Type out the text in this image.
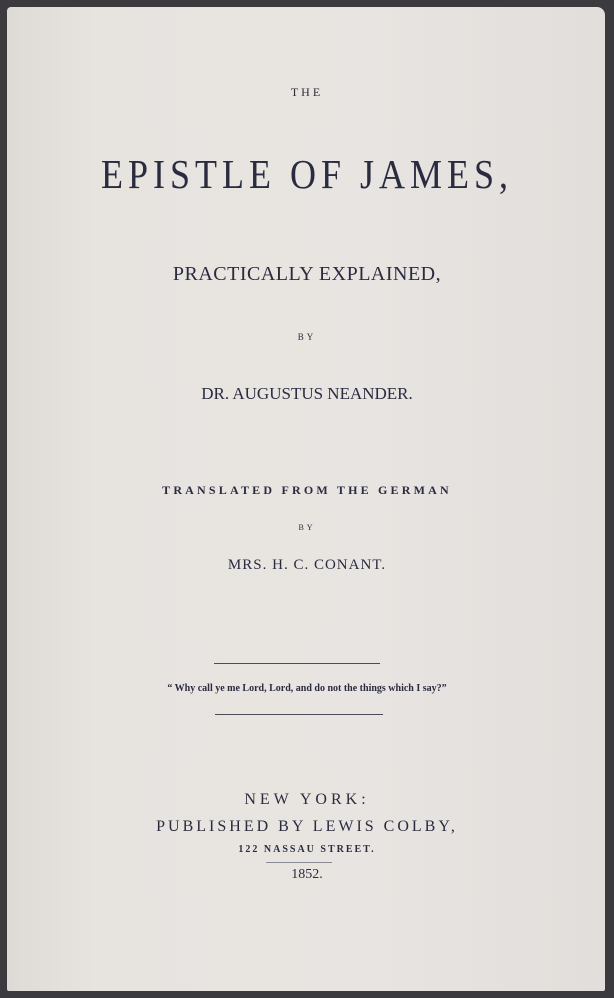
THE
EPISTLE OF JAMES,
PRACTICALLY EXPLAINED,
BY
DR. AUGUSTUS NEANDER.
TRANSLATED FROM THE GERMAN
BY
MRS. H. C. CONANT.
“ Why call ye me Lord, Lord, and do not the things which I say?”
NEW YORK:
PUBLISHED BY LEWIS COLBY,
122 NASSAU STREET.
1852.
